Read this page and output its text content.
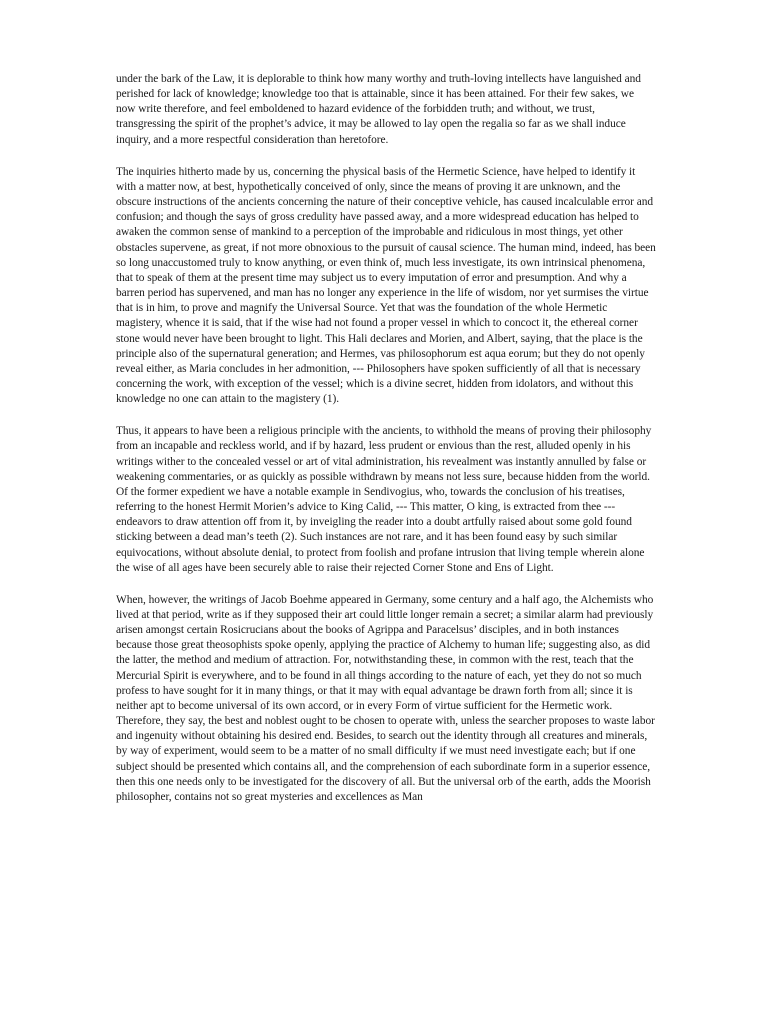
under the bark of the Law, it is deplorable to think how many worthy and truth-loving intellects have languished and perished for lack of knowledge; knowledge too that is attainable, since it has been attained. For their few sakes, we now write therefore, and feel emboldened to hazard evidence of the forbidden truth; and without, we trust, transgressing the spirit of the prophet’s advice, it may be allowed to lay open the regalia so far as we shall induce inquiry, and a more respectful consideration than heretofore.

The inquiries hitherto made by us, concerning the physical basis of the Hermetic Science, have helped to identify it with a matter now, at best, hypothetically conceived of only, since the means of proving it are unknown, and the obscure instructions of the ancients concerning the nature of their conceptive vehicle, has caused incalculable error and confusion; and though the says of gross credulity have passed away, and a more widespread education has helped to awaken the common sense of mankind to a perception of the improbable and ridiculous in most things, yet other obstacles supervene, as great, if not more obnoxious to the pursuit of causal science. The human mind, indeed, has been so long unaccustomed truly to know anything, or even think of, much less investigate, its own intrinsical phenomena, that to speak of them at the present time may subject us to every imputation of error and presumption. And why a barren period has supervened, and man has no longer any experience in the life of wisdom, nor yet surmises the virtue that is in him, to prove and magnify the Universal Source. Yet that was the foundation of the whole Hermetic magistery, whence it is said, that if the wise had not found a proper vessel in which to concoct it, the ethereal corner stone would never have been brought to light. This Hali declares and Morien, and Albert, saying, that the place is the principle also of the supernatural generation; and Hermes, vas philosophorum est aqua eorum; but they do not openly reveal either, as Maria concludes in her admonition, --- Philosophers have spoken sufficiently of all that is necessary concerning the work, with exception of the vessel; which is a divine secret, hidden from idolators, and without this knowledge no one can attain to the magistery (1).

Thus, it appears to have been a religious principle with the ancients, to withhold the means of proving their philosophy from an incapable and reckless world, and if by hazard, less prudent or envious than the rest, alluded openly in his writings wither to the concealed vessel or art of vital administration, his revealment was instantly annulled by false or weakening commentaries, or as quickly as possible withdrawn by means not less sure, because hidden from the world. Of the former expedient we have a notable example in Sendivogius, who, towards the conclusion of his treatises, referring to the honest Hermit Morien’s advice to King Calid, --- This matter, O king, is extracted from thee --- endeavors to draw attention off from it, by inveigling the reader into a doubt artfully raised about some gold found sticking between a dead man’s teeth (2). Such instances are not rare, and it has been found easy by such similar equivocations, without absolute denial, to protect from foolish and profane intrusion that living temple wherein alone the wise of all ages have been securely able to raise their rejected Corner Stone and Ens of Light.

When, however, the writings of Jacob Boehme appeared in Germany, some century and a half ago, the Alchemists who lived at that period, write as if they supposed their art could little longer remain a secret; a similar alarm had previously arisen amongst certain Rosicrucians about the books of Agrippa and Paracelsus’ disciples, and in both instances because those great theosophists spoke openly, applying the practice of Alchemy to human life; suggesting also, as did the latter, the method and medium of attraction. For, notwithstanding these, in common with the rest, teach that the Mercurial Spirit is everywhere, and to be found in all things according to the nature of each, yet they do not so much profess to have sought for it in many things, or that it may with equal advantage be drawn forth from all; since it is neither apt to become universal of its own accord, or in every Form of virtue sufficient for the Hermetic work. Therefore, they say, the best and noblest ought to be chosen to operate with, unless the searcher proposes to waste labor and ingenuity without obtaining his desired end. Besides, to search out the identity through all creatures and minerals, by way of experiment, would seem to be a matter of no small difficulty if we must need investigate each; but if one subject should be presented which contains all, and the comprehension of each subordinate form in a superior essence, then this one needs only to be investigated for the discovery of all. But the universal orb of the earth, adds the Moorish philosopher, contains not so great mysteries and excellences as Man
